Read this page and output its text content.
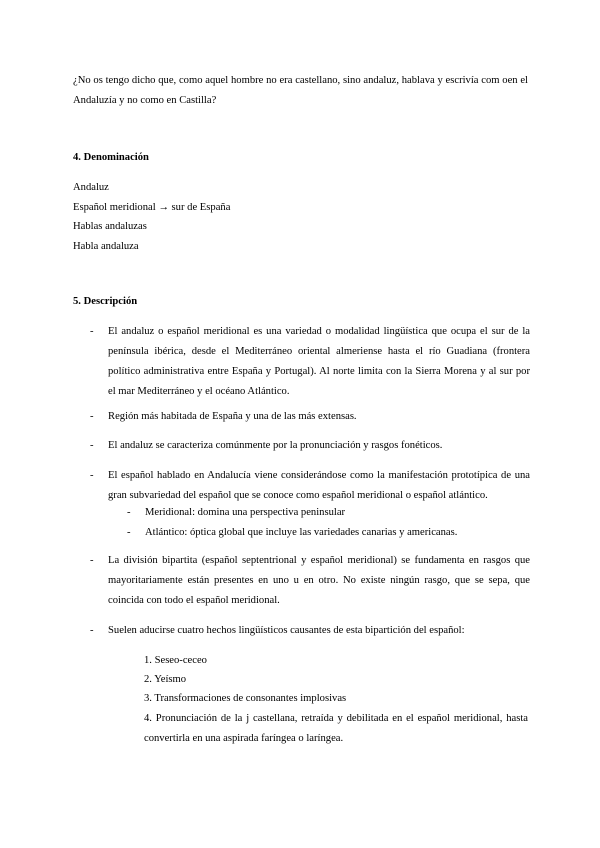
¿No os tengo dicho que, como aquel hombre no era castellano, sino andaluz, hablava y escrivía com oen el Andaluzía y no como en Castilla?

4. Denominación
Andaluz
Español meridional → sur de España
Hablas andaluzas
Habla andaluza
5. Descripción
- El andaluz o español meridional es una variedad o modalidad lingüística que ocupa el sur de la península ibérica, desde el Mediterráneo oriental almeriense hasta el río Guadiana (frontera político administrativa entre España y Portugal). Al norte limita con la Sierra Morena y al sur por el mar Mediterráneo y el océano Atlántico.
- Región más habitada de España y una de las más extensas.
- El andaluz se caracteriza comúnmente por la pronunciación y rasgos fonéticos.
- El español hablado en Andalucía viene considerándose como la manifestación prototípica de una gran subvariedad del español que se conoce como español meridional o español atlántico.
- Meridional: domina una perspectiva peninsular
- Atlántico: óptica global que incluye las variedades canarias y americanas.
- La división bipartita (español septentrional y español meridional) se fundamenta en rasgos que mayoritariamente están presentes en uno u en otro. No existe ningún rasgo, que se sepa, que coincida con todo el español meridional.
- Suelen aducirse cuatro hechos lingüísticos causantes de esta bipartición del español:
1. Seseo-ceceo
2. Yeísmo
3. Transformaciones de consonantes implosivas
4. Pronunciación de la j castellana, retraída y debilitada en el español meridional, hasta convertirla en una aspirada faríngea o laríngea.
